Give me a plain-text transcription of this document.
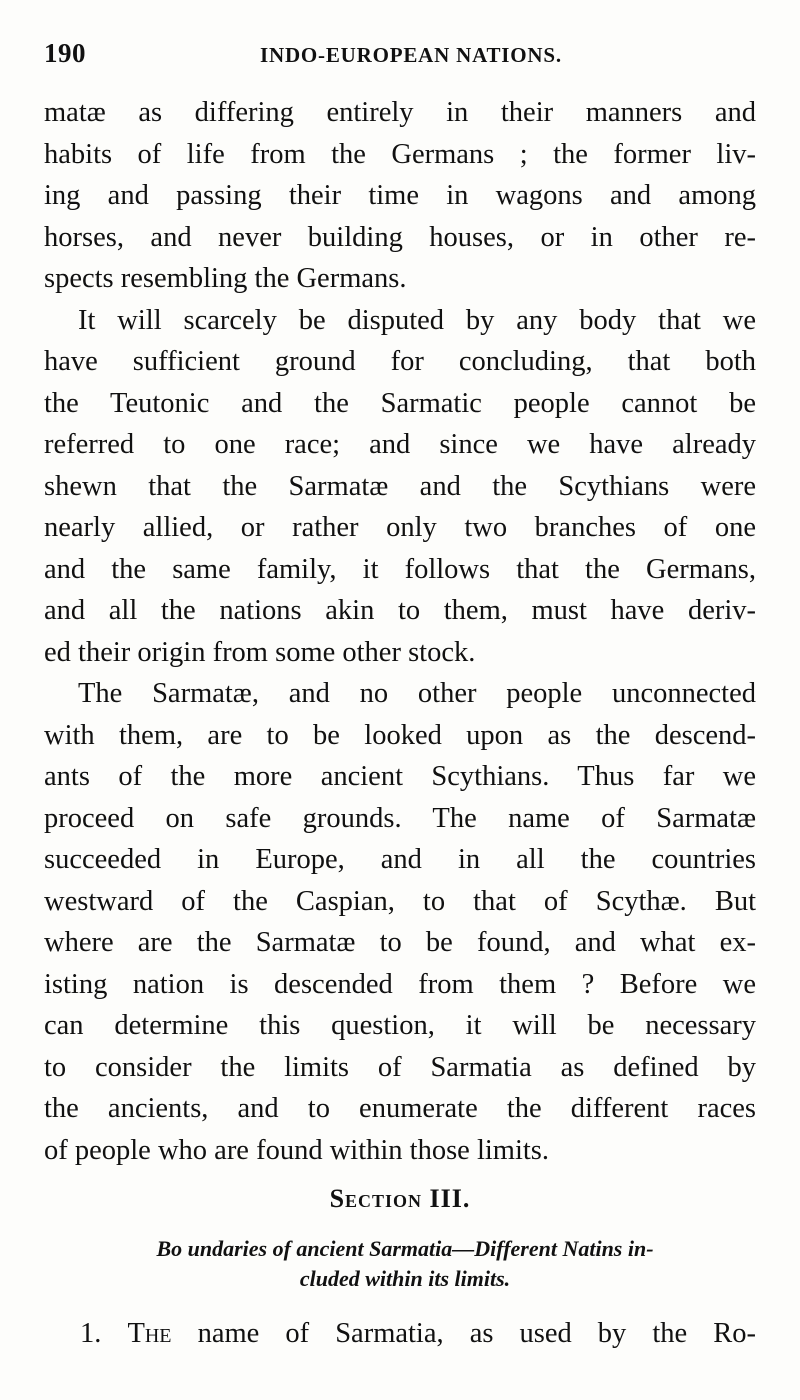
190	INDO-EUROPEAN NATIONS.
matæ as differing entirely in their manners and
habits of life from the Germans ; the former liv-
ing and passing their time in wagons and among
horses, and never building houses, or in other re-
spects resembling the Germans.
It will scarcely be disputed by any body that we
have sufficient ground for concluding, that both
the Teutonic and the Sarmatic people cannot be
referred to one race; and since we have already
shewn that the Sarmatæ and the Scythians were
nearly allied, or rather only two branches of one
and the same family, it follows that the Germans,
and all the nations akin to them, must have deriv-
ed their origin from some other stock.
The Sarmatæ, and no other people unconnected
with them, are to be looked upon as the descend-
ants of the more ancient Scythians. Thus far we
proceed on safe grounds. The name of Sarmatæ
succeeded in Europe, and in all the countries
westward of the Caspian, to that of Scythæ. But
where are the Sarmatæ to be found, and what ex-
isting nation is descended from them ? Before we
can determine this question, it will be necessary
to consider the limits of Sarmatia as defined by
the ancients, and to enumerate the different races
of people who are found within those limits.
Section III.
Bo undaries of ancient Sarmatia—Different Natins in-
cluded within its limits.
1. The name of Sarmatia, as used by the Ro-
